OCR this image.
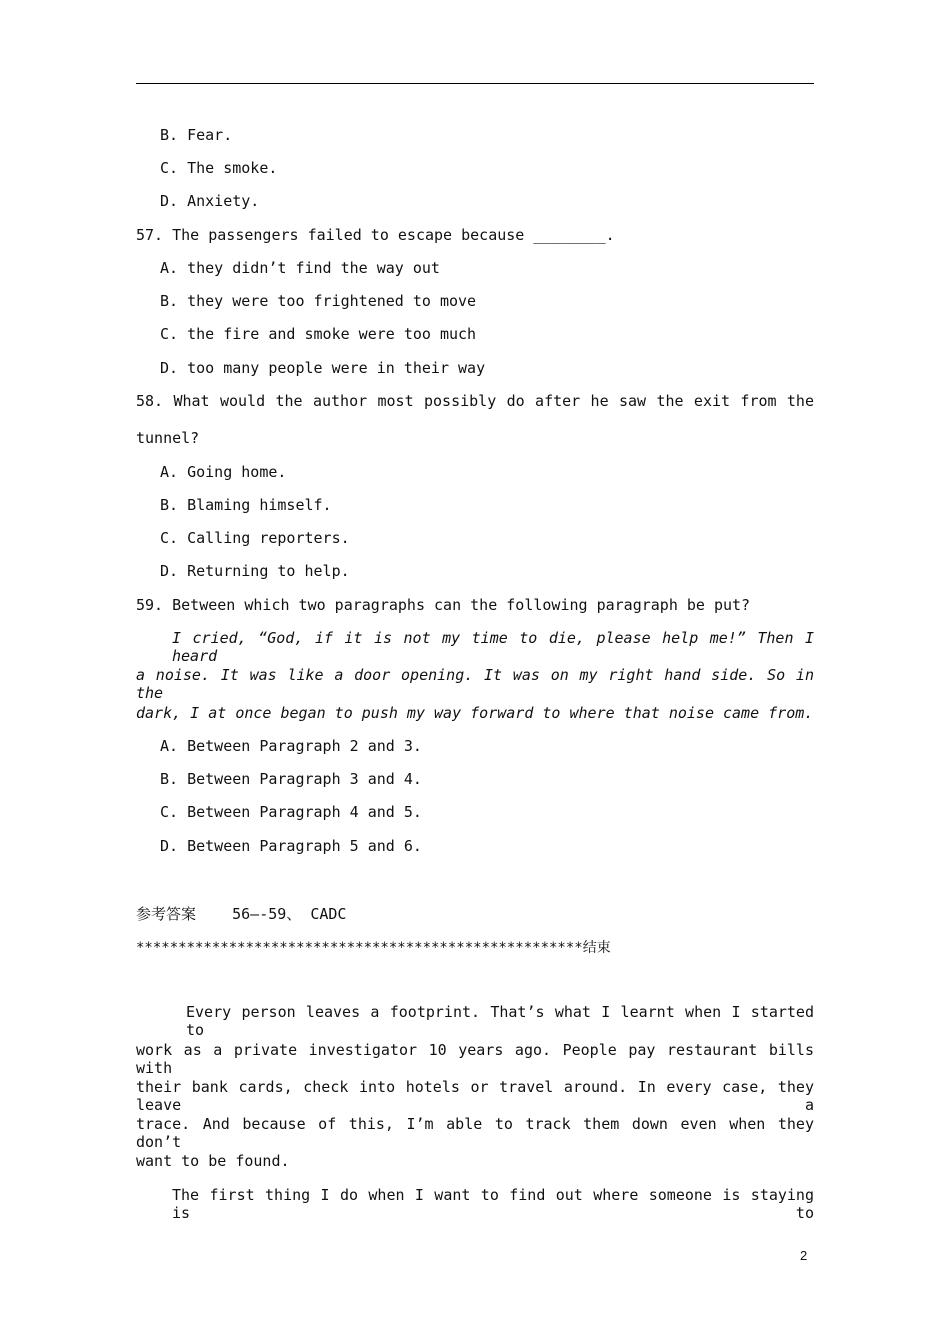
B. Fear.
C. The smoke.
D. Anxiety.
57. The passengers failed to escape because ________.
A. they didn’t find the way out
B. they were too frightened to move
C. the fire and smoke were too much
D. too many people were in their way
58. What would the author most possibly do after he saw the exit from the
tunnel?
A. Going home.
B. Blaming himself.
C. Calling reporters.
D. Returning to help.
59. Between which two paragraphs can the following paragraph be put?
I cried, “God, if it is not my time to die, please help me!” Then I heard
a noise. It was like a door opening. It was on my right hand side. So in the
dark, I at once began to push my way forward to where that noise came from.
A. Between Paragraph 2 and 3.
B. Between Paragraph 3 and 4.
C. Between Paragraph 4 and 5.
D. Between Paragraph 5 and 6.
参考答案    56—-59、 CADC
*****************************************************结束
Every person leaves a footprint. That’s what I learnt when I started to
work as a private investigator 10 years ago. People pay restaurant bills with
their bank cards, check into hotels or travel around. In every case, they leave a
trace. And because of this, I’m able to track them down even when they don’t
want to be found.
The first thing I do when I want to find out where someone is staying is to
2
